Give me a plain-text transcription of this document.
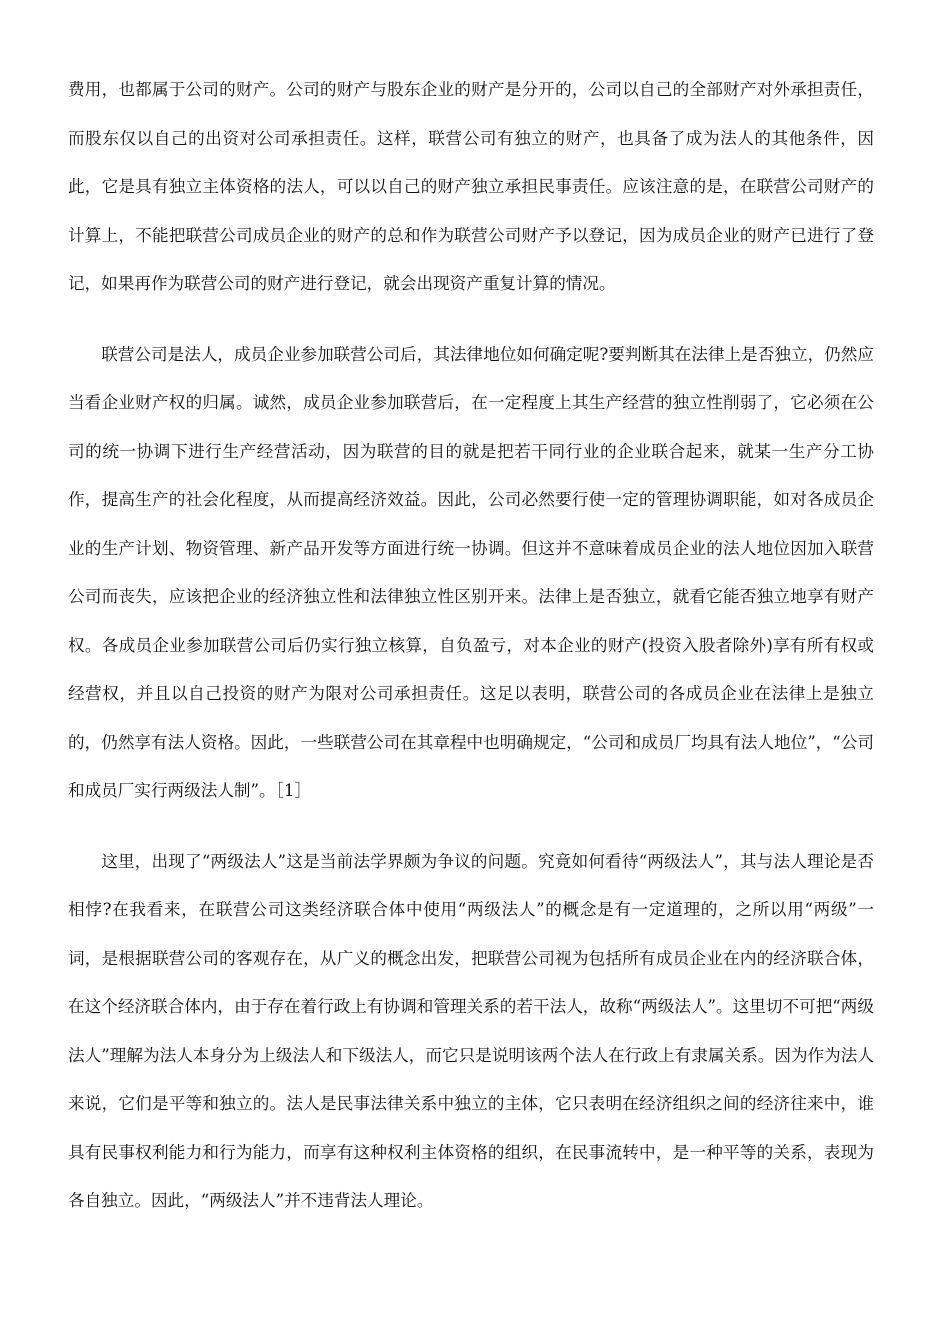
费用，也都属于公司的财产。公司的财产与股东企业的财产是分开的，公司以自己的全部财产对外承担责任，而股东仅以自己的出资对公司承担责任。这样，联营公司有独立的财产，也具备了成为法人的其他条件，因此，它是具有独立主体资格的法人，可以以自己的财产独立承担民事责任。应该注意的是，在联营公司财产的计算上，不能把联营公司成员企业的财产的总和作为联营公司财产予以登记，因为成员企业的财产已进行了登记，如果再作为联营公司的财产进行登记，就会出现资产重复计算的情况。

联营公司是法人，成员企业参加联营公司后，其法律地位如何确定呢?要判断其在法律上是否独立，仍然应当看企业财产权的归属。诚然，成员企业参加联营后，在一定程度上其生产经营的独立性削弱了，它必须在公司的统一协调下进行生产经营活动，因为联营的目的就是把若干同行业的企业联合起来，就某一生产分工协作，提高生产的社会化程度，从而提高经济效益。因此，公司必然要行使一定的管理协调职能，如对各成员企业的生产计划、物资管理、新产品开发等方面进行统一协调。但这并不意味着成员企业的法人地位因加入联营公司而丧失，应该把企业的经济独立性和法律独立性区别开来。法律上是否独立，就看它能否独立地享有财产权。各成员企业参加联营公司后仍实行独立核算，自负盈亏，对本企业的财产(投资入股者除外)享有所有权或经营权，并且以自己投资的财产为限对公司承担责任。这足以表明，联营公司的各成员企业在法律上是独立的，仍然享有法人资格。因此，一些联营公司在其章程中也明确规定，“公司和成员厂均具有法人地位”，“公司和成员厂实行两级法人制”。［1］

这里，出现了“两级法人”这是当前法学界颇为争议的问题。究竟如何看待“两级法人”，其与法人理论是否相悖?在我看来，在联营公司这类经济联合体中使用“两级法人”的概念是有一定道理的，之所以用“两级”一词，是根据联营公司的客观存在，从广义的概念出发，把联营公司视为包括所有成员企业在内的经济联合体，在这个经济联合体内，由于存在着行政上有协调和管理关系的若干法人，故称“两级法人”。这里切不可把“两级法人”理解为法人本身分为上级法人和下级法人，而它只是说明该两个法人在行政上有隶属关系。因为作为法人来说，它们是平等和独立的。法人是民事法律关系中独立的主体，它只表明在经济组织之间的经济往来中，谁具有民事权利能力和行为能力，而享有这种权利主体资格的组织，在民事流转中，是一种平等的关系，表现为各自独立。因此，“两级法人”并不违背法人理论。
